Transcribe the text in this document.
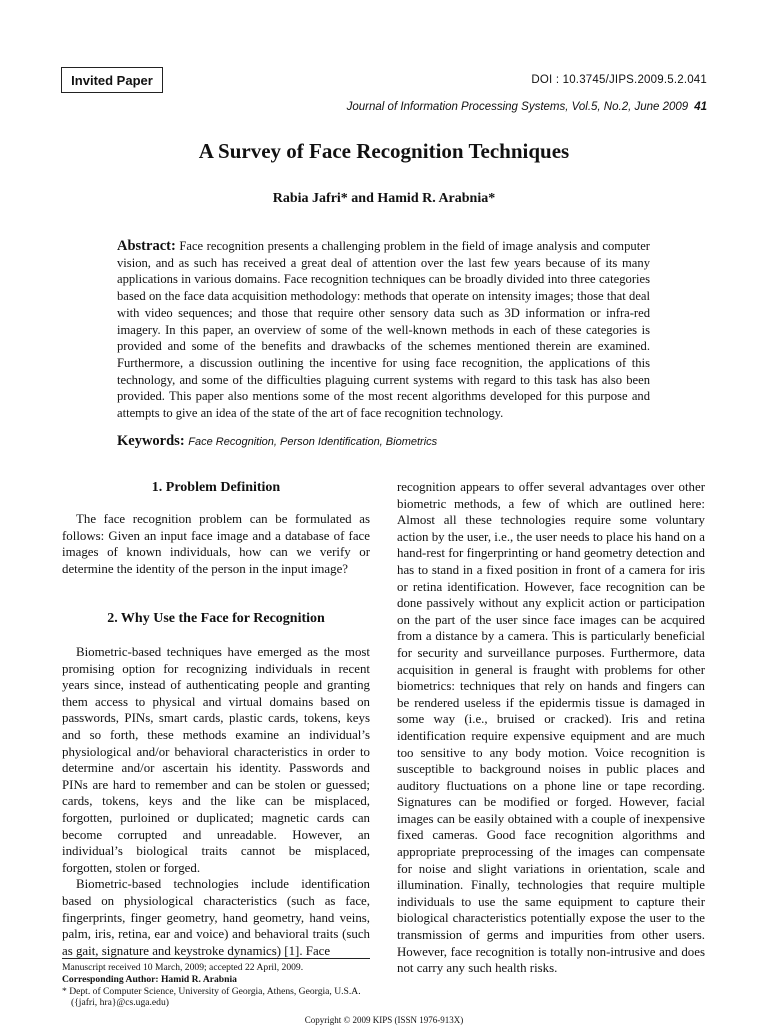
Invited Paper	DOI : 10.3745/JIPS.2009.5.2.041
Journal of Information Processing Systems, Vol.5, No.2, June 2009 41
A Survey of Face Recognition Techniques
Rabia Jafri* and Hamid R. Arabnia*
Abstract: Face recognition presents a challenging problem in the field of image analysis and computer vision, and as such has received a great deal of attention over the last few years because of its many applications in various domains. Face recognition techniques can be broadly divided into three categories based on the face data acquisition methodology: methods that operate on intensity images; those that deal with video sequences; and those that require other sensory data such as 3D information or infra-red imagery. In this paper, an overview of some of the well-known methods in each of these categories is provided and some of the benefits and drawbacks of the schemes mentioned therein are examined. Furthermore, a discussion outlining the incentive for using face recognition, the applications of this technology, and some of the difficulties plaguing current systems with regard to this task has also been provided. This paper also mentions some of the most recent algorithms developed for this purpose and attempts to give an idea of the state of the art of face recognition technology.
Keywords: Face Recognition, Person Identification, Biometrics
1. Problem Definition

The face recognition problem can be formulated as follows: Given an input face image and a database of face images of known individuals, how can we verify or determine the identity of the person in the input image?

2. Why Use the Face for Recognition

Biometric-based techniques have emerged as the most promising option for recognizing individuals in recent years since, instead of authenticating people and granting them access to physical and virtual domains based on passwords, PINs, smart cards, plastic cards, tokens, keys and so forth, these methods examine an individual’s physiological and/or behavioral characteristics in order to determine and/or ascertain his identity. Passwords and PINs are hard to remember and can be stolen or guessed; cards, tokens, keys and the like can be misplaced, forgotten, purloined or duplicated; magnetic cards can become corrupted and unreadable. However, an individual’s biological traits cannot be misplaced, forgotten, stolen or forged.

Biometric-based technologies include identification based on physiological characteristics (such as face, fingerprints, finger geometry, hand geometry, hand veins, palm, iris, retina, ear and voice) and behavioral traits (such as gait, signature and keystroke dynamics) [1]. Face

recognition appears to offer several advantages over other biometric methods, a few of which are outlined here: Almost all these technologies require some voluntary action by the user, i.e., the user needs to place his hand on a hand-rest for fingerprinting or hand geometry detection and has to stand in a fixed position in front of a camera for iris or retina identification. However, face recognition can be done passively without any explicit action or participation on the part of the user since face images can be acquired from a distance by a camera. This is particularly beneficial for security and surveillance purposes. Furthermore, data acquisition in general is fraught with problems for other biometrics: techniques that rely on hands and fingers can be rendered useless if the epidermis tissue is damaged in some way (i.e., bruised or cracked). Iris and retina identification require expensive equipment and are much too sensitive to any body motion. Voice recognition is susceptible to background noises in public places and auditory fluctuations on a phone line or tape recording. Signatures can be modified or forged. However, facial images can be easily obtained with a couple of inexpensive fixed cameras. Good face recognition algorithms and appropriate preprocessing of the images can compensate for noise and slight variations in orientation, scale and illumination. Finally, technologies that require multiple individuals to use the same equipment to capture their biological characteristics potentially expose the user to the transmission of germs and impurities from other users. However, face recognition is totally non-intrusive and does not carry any such health risks.

Manuscript received 10 March, 2009; accepted 22 April, 2009.
Corresponding Author: Hamid R. Arabnia
* Dept. of Computer Science, University of Georgia, Athens, Georgia, U.S.A. ({jafri, hra}@cs.uga.edu)
Copyright © 2009 KIPS (ISSN 1976-913X)
